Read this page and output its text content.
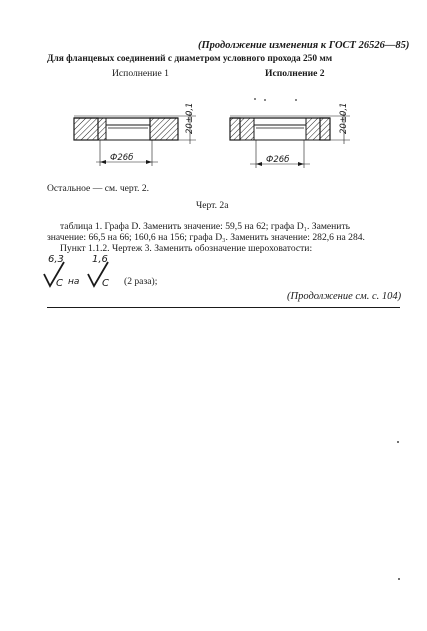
(Продолжение изменения к ГОСТ 26526—85)
Для фланцевых соединений с диаметром условного прохода 250 мм
Исполнение 1	Исполнение 2
20±0,1	20±0,1
Ф26б	Ф26б
Остальное — см. черт. 2.
Черт. 2а
таблица 1. Графа D. Заменить значение: 59,5 на 62; графа D₁. Заменить
значение: 66,5 на 66; 160,6 на 156; графа D₃. Заменить значение: 282,6 на 284.
Пункт 1.1.2. Чертеж 3. Заменить обозначение шероховатости:
6,3
С на
1,6
С (2 раза);
(Продолжение см. с. 104)
